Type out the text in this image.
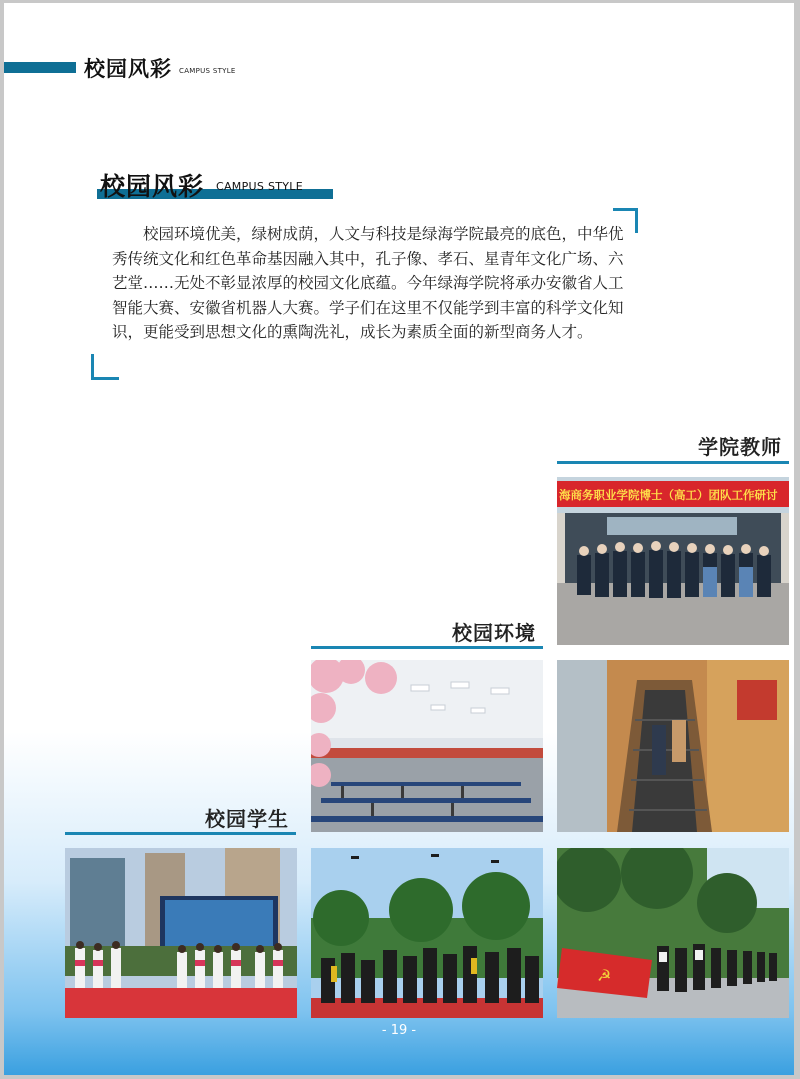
校园风彩 CAMPUS STYLE
校园风彩 CAMPUS STYLE

校园环境优美，绿树成荫，人文与科技是绿海学院最亮的底色，中华优秀传统文化和红色革命基因融入其中，孔子像、孝石、星青年文化广场、六艺堂……无处不彰显浓厚的校园文化底蕴。今年绿海学院将承办安徽省人工智能大赛、安徽省机器人大赛。学子们在这里不仅能学到丰富的科学文化知识，更能受到思想文化的熏陶洗礼，成长为素质全面的新型商务人才。

学院教师
海商务职业学院博士（高工）团队工作研讨
校园环境
校园学生
☭
- 19 -
